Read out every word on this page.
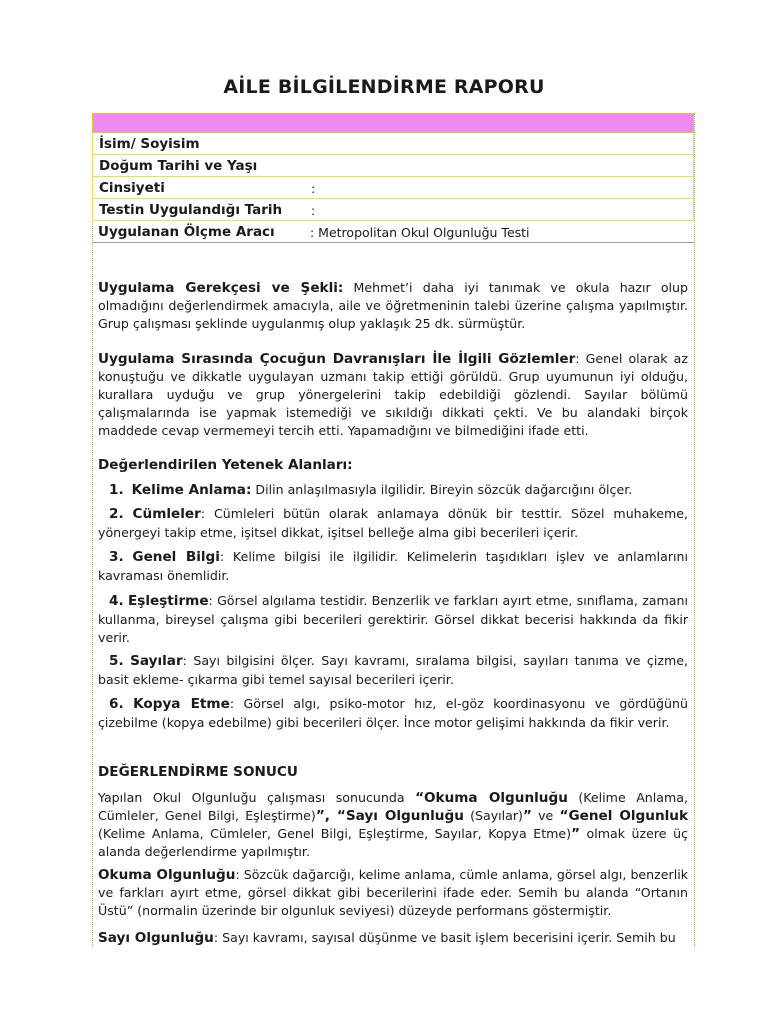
AİLE BİLGİLENDİRME RAPORU
İsim/ Soyisim
Doğum Tarihi ve Yaşı
Cinsiyeti	:
Testin Uygulandığı Tarih :
Uygulanan Ölçme Aracı	: Metropolitan Okul Olgunluğu Testi
Uygulama Gerekçesi ve Şekli: Mehmet’i daha iyi tanımak ve okula hazır olup olmadığını değerlendirmek amacıyla, aile ve öğretmeninin talebi üzerine çalışma yapılmıştır. Grup çalışması şeklinde uygulanmış olup yaklaşık 25 dk. sürmüştür.
Uygulama Sırasında Çocuğun Davranışları İle İlgili Gözlemler: Genel olarak az konuştuğu ve dikkatle uygulayan uzmanı takip ettiği görüldü. Grup uyumunun iyi olduğu, kurallara uyduğu ve grup yönergelerini takip edebildiği gözlendi. Sayılar bölümü çalışmalarında ise yapmak istemediği ve sıkıldığı dikkati çekti. Ve bu alandaki birçok maddede cevap vermemeyi tercih etti. Yapamadığını ve bilmediğini ifade etti.
Değerlendirilen Yetenek Alanları:
1. Kelime Anlama: Dilin anlaşılmasıyla ilgilidir. Bireyin sözcük dağarcığını ölçer.
2. Cümleler: Cümleleri bütün olarak anlamaya dönük bir testtir. Sözel muhakeme, yönergeyi takip etme, işitsel dikkat, işitsel belleğe alma gibi becerileri içerir.
3. Genel Bilgi: Kelime bilgisi ile ilgilidir. Kelimelerin taşıdıkları işlev ve anlamlarını kavraması önemlidir.
4. Eşleştirme: Görsel algılama testidir. Benzerlik ve farkları ayırt etme, sınıflama, zamanı kullanma, bireysel çalışma gibi becerileri gerektirir. Görsel dikkat becerisi hakkında da fikir verir.
5. Sayılar: Sayı bilgisini ölçer. Sayı kavramı, sıralama bilgisi, sayıları tanıma ve çizme, basit ekleme- çıkarma gibi temel sayısal becerileri içerir.
6. Kopya Etme: Görsel algı, psiko-motor hız, el-göz koordinasyonu ve gördüğünü çizebilme (kopya edebilme) gibi becerileri ölçer. İnce motor gelişimi hakkında da fikir verir.
DEĞERLENDİRME SONUCU
Yapılan Okul Olgunluğu çalışması sonucunda “Okuma Olgunluğu (Kelime Anlama, Cümleler, Genel Bilgi, Eşleştirme)”, “Sayı Olgunluğu (Sayılar)” ve “Genel Olgunluk (Kelime Anlama, Cümleler, Genel Bilgi, Eşleştirme, Sayılar, Kopya Etme)” olmak üzere üç alanda değerlendirme yapılmıştır.
Okuma Olgunluğu: Sözcük dağarcığı, kelime anlama, cümle anlama, görsel algı, benzerlik ve farkları ayırt etme, görsel dikkat gibi becerilerini ifade eder. Semih bu alanda “Ortanın Üstü” (normalin üzerinde bir olgunluk seviyesi) düzeyde performans göstermiştir.
Sayı Olgunluğu: Sayı kavramı, sayısal düşünme ve basit işlem becerisini içerir. Semih bu
